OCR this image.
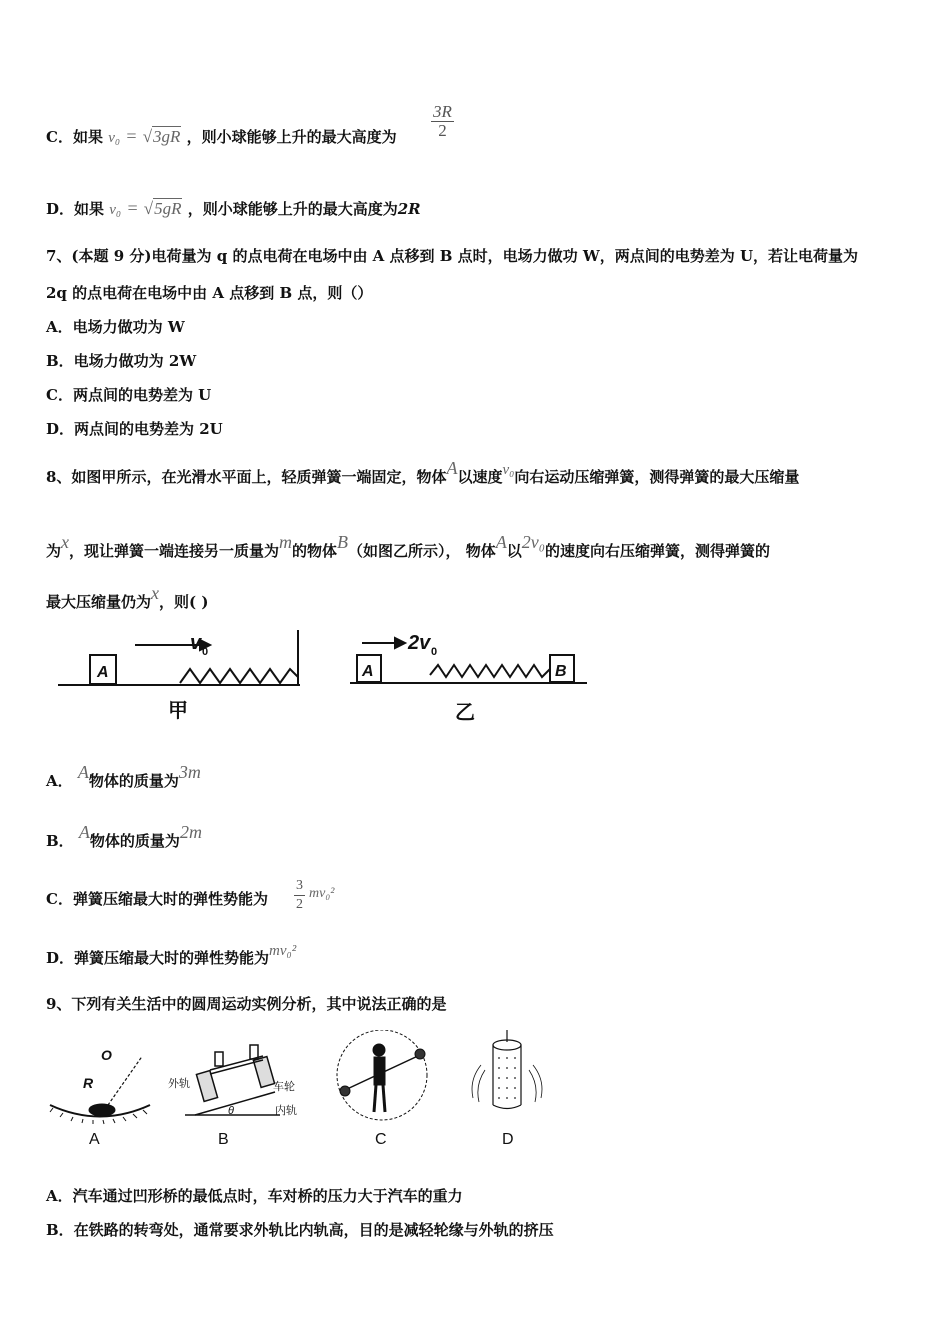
C．如果 v₀ = √3gR ，则小球能够上升的最大高度为 $\frac{3R}{2}$
D．如果 v₀ = √5gR ，则小球能够上升的最大高度为2R
7、(本题 9 分)电荷量为 q 的点电荷在电场中由 A 点移到 B 点时，电场力做功 W，两点间的电势差为 U，若让电荷量为
2q 的点电荷在电场中由 A 点移到 B 点，则（）
A．电场力做功为 W
B．电场力做功为 2W
C．两点间的电势差为 U
D．两点间的电势差为 2U
8、如图甲所示，在光滑水平面上，轻质弹簧一端固定，物体A以速度v₀向右运动压缩弹簧，测得弹簧的最大压缩量
为x，现让弹簧一端连接另一质量为m的物体B（如图乙所示）， 物体A以2v₀的速度向右压缩弹簧，测得弹簧的
最大压缩量仍为x，则( )
A
v 0
甲
A	B
2v 0
乙
A． A物体的质量为3m
B． A物体的质量为2m
C．弹簧压缩最大时的弹性势能为 $\frac{3}{2} mv_0^2$
D．弹簧压缩最大时的弹性势能为mv₀²
9、下列有关生活中的圆周运动实例分析，其中说法正确的是
O
R
A
外轨	车轮
内轨
θ
B	C	D
A．汽车通过凹形桥的最低点时，车对桥的压力大于汽车的重力
B．在铁路的转弯处，通常要求外轨比内轨高，目的是减轻轮缘与外轨的挤压
